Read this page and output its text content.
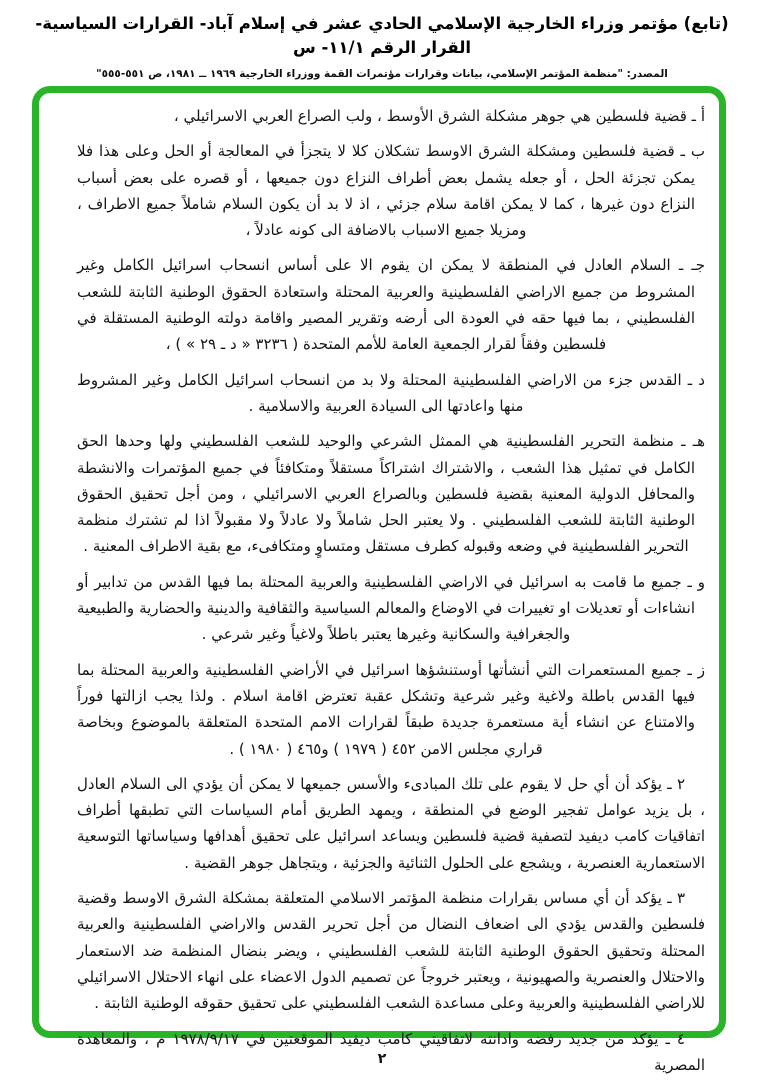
(تابع) مؤتمر وزراء الخارجية الإسلامي الحادي عشر في إسلام آباد- القرارات السياسية- القرار الرقم ١١/١- س
المصدر: "منظمة المؤتمر الإسلامي، بيانات وقرارات مؤتمرات القمة ووزراء الخارجية ١٩٦٩ ــ ١٩٨١، ص ٥٥١-٥٥٥"

أ ـ قضية فلسطين هي جوهر مشكلة الشرق الأوسط ، ولب الصراع العربي الاسرائيلي ،

ب ـ قضية فلسطين ومشكلة الشرق الاوسط تشكلان كلا لا يتجزأ في المعالجة أو الحل وعلى هذا فلا يمكن تجزئة الحل ، أو جعله يشمل بعض أطراف النزاع دون جميعها ، أو قصره على بعض أسباب النزاع دون غيرها ، كما لا يمكن اقامة سلام جزئي ، اذ لا بد أن يكون السلام شاملاً جميع الاطراف ، ومزيلا جميع الاسباب بالاضافة الى كونه عادلاً ،

جـ ـ السلام العادل في المنطقة لا يمكن ان يقوم الا على أساس انسحاب اسرائيل الكامل وغير المشروط من جميع الاراضي الفلسطينية والعربية المحتلة واستعادة الحقوق الوطنية الثابتة للشعب الفلسطيني ، بما فيها حقه في العودة الى أرضه وتقرير المصير واقامة دولته الوطنية المستقلة في فلسطين وفقاً لقرار الجمعية العامة للأمم المتحدة ( ٣٢٣٦ « د ـ ٢٩ » ) ،

د ـ القدس جزء من الاراضي الفلسطينية المحتلة ولا بد من انسحاب اسرائيل الكامل وغير المشروط منها واعادتها الى السيادة العربية والاسلامية .

هـ ـ منظمة التحرير الفلسطينية هي الممثل الشرعي والوحيد للشعب الفلسطيني ولها وحدها الحق الكامل في تمثيل هذا الشعب ، والاشتراك اشتراكاً مستقلاً ومتكافئاً في جميع المؤتمرات والانشطة والمحافل الدولية المعنية بقضية فلسطين وبالصراع العربي الاسرائيلي ، ومن أجل تحقيق الحقوق الوطنية الثابتة للشعب الفلسطيني . ولا يعتبر الحل شاملاً ولا عادلاً ولا مقبولاً اذا لم تشترك منظمة التحرير الفلسطينية في وضعه وقبوله كطرف مستقل ومتساوٍ ومتكافىء، مع بقية الاطراف المعنية .

و ـ جميع ما قامت به اسرائيل في الاراضي الفلسطينية والعربية المحتلة بما فيها القدس من تدابير أو انشاءات أو تعديلات او تغييرات في الاوضاع والمعالم السياسية والثقافية والدينية والحضارية والطبيعية والجغرافية والسكانية وغيرها يعتبر باطلاً ولاغياً وغير شرعي .

ز ـ جميع المستعمرات التي أنشأتها أوستنشؤها اسرائيل في الأراضي الفلسطينية والعربية المحتلة بما فيها القدس باطلة ولاغية وغير شرعية وتشكل عقبة تعترض اقامة اسلام . ولذا يجب ازالتها فوراً والامتناع عن انشاء أية مستعمرة جديدة طبقاً لقرارات الامم المتحدة المتعلقة بالموضوع وبخاصة قراري مجلس الامن ٤٥٢ ( ١٩٧٩ ) و٤٦٥ ( ١٩٨٠ ) .

٢ ـ يؤكد أن أي حل لا يقوم على تلك المبادىء والأسس جميعها لا يمكن أن يؤدي الى السلام العادل ، بل يزيد عوامل تفجير الوضع في المنطقة ، ويمهد الطريق أمام السياسات التي تطبقها أطراف اتفاقيات كامب ديفيد لتصفية قضية فلسطين ويساعد اسرائيل على تحقيق أهدافها وسياساتها التوسعية الاستعمارية العنصرية ، ويشجع على الحلول الثنائية والجزئية ، ويتجاهل جوهر القضية .

٣ ـ يؤكد أن أي مساس بقرارات منظمة المؤتمر الاسلامي المتعلقة بمشكلة الشرق الاوسط وقضية فلسطين والقدس يؤدي الى اضعاف النضال من أجل تحرير القدس والاراضي الفلسطينية والعربية المحتلة وتحقيق الحقوق الوطنية الثابتة للشعب الفلسطيني ، ويضر بنضال المنظمة ضد الاستعمار والاحتلال والعنصرية والصهيونية ، ويعتبر خروجاً عن تصميم الدول الاعضاء على انهاء الاحتلال الاسرائيلي للاراضي الفلسطينية والعربية وعلى مساعدة الشعب الفلسطيني على تحقيق حقوقه الوطنية الثابتة .

٤ ـ يؤكد من جديد رفضه وادانته لاتفاقيتي كامب ديفيد الموقعتين في ١٩٧٨/٩/١٧ م ، والمعاهدة المصرية

٢
